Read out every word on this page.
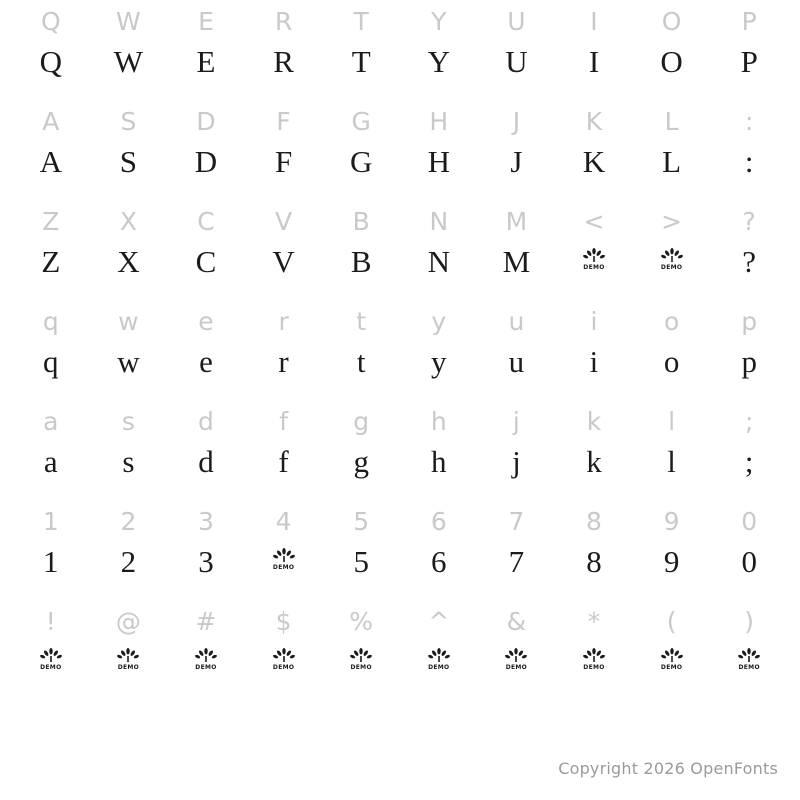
Q
Q
W
W
E
E
R
R
T
T
Y
Y
U
U
I
I
O
O
P
P
A
A
S
S
D
D
F
F
G
G
H
H
J
J
K
K
L
L
:
:
Z
Z
X
X
C
C
V
V
B
B
N
N
M
M
<
DEMO
>
DEMO
?
?
q
q
w
w
e
e
r
r
t
t
y
y
u
u
i
i
o
o
p
p
a
a
s
s
d
d
f
f
g
g
h
h
j
j
k
k
l
l
;
;
1
1
2
2
3
3
4
DEMO
5
5
6
6
7
7
8
8
9
9
0
0
!
DEMO
@
DEMO
#
DEMO
$
DEMO
%
DEMO
^
DEMO
&
DEMO
*
DEMO
(
DEMO
)
DEMO
Copyright 2026 OpenFonts
